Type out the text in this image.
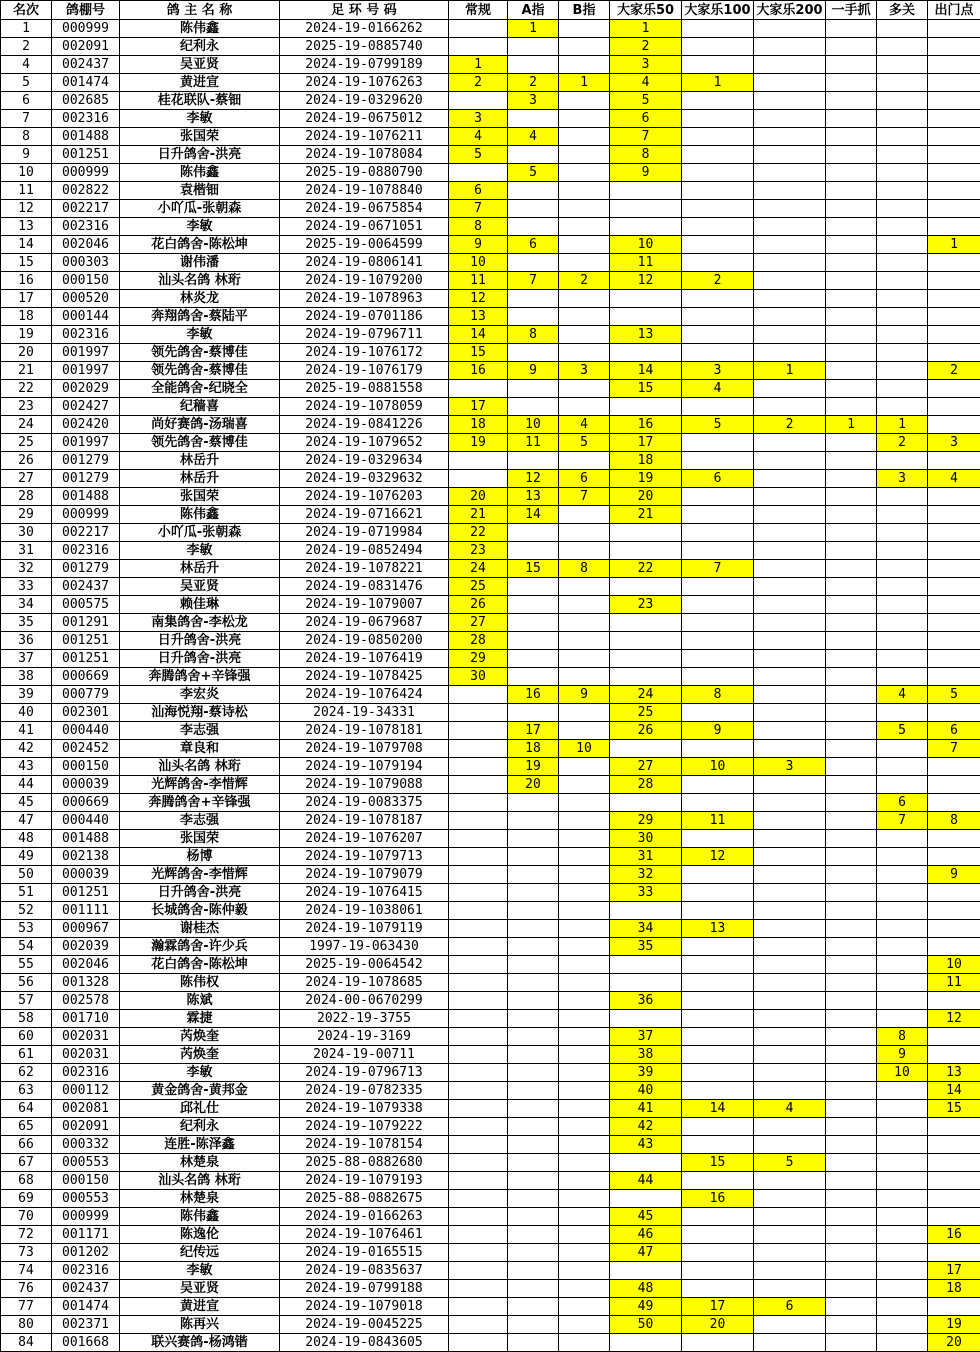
名次	鸽棚号	鸽 主 名 称	足 环 号 码	常规	A指	B指	大家乐50	大家乐100	大家乐200	一手抓	多关	出门点
1	000999	陈伟鑫	2024-19-0166262		1		1					
2	002091	纪利永	2025-19-0885740				2					
4	002437	吴亚贤	2024-19-0799189	1			3					
5	001474	黄进宣	2024-19-1076263	2	2	1	4	1				
6	002685	桂花联队-蔡钿	2024-19-0329620		3		5					
7	002316	李敏	2024-19-0675012	3			6					
8	001488	张国荣	2024-19-1076211	4	4		7					
9	001251	日升鸽舍-洪亮	2024-19-1078084	5			8					
10	000999	陈伟鑫	2025-19-0880790		5		9					
11	002822	袁楷钿	2024-19-1078840	6								
12	002217	小吖瓜-张朝森	2024-19-0675854	7								
13	002316	李敏	2024-19-0671051	8								
14	002046	花白鸽舍-陈松坤	2025-19-0064599	9	6		10					1
15	000303	谢伟潘	2024-19-0806141	10			11					
16	000150	汕头名鸽 林珩	2024-19-1079200	11	7	2	12	2				
17	000520	林炎龙	2024-19-1078963	12								
18	000144	奔翔鸽舍-蔡陆平	2024-19-0701186	13								
19	002316	李敏	2024-19-0796711	14	8		13					
20	001997	领先鸽舍-蔡博佳	2024-19-1076172	15								
21	001997	领先鸽舍-蔡博佳	2024-19-1076179	16	9	3	14	3	1			2
22	002029	全能鸽舍-纪晓全	2025-19-0881558				15	4				
23	002427	纪穑喜	2024-19-1078059	17								
24	002420	尚好赛鸽-汤瑞喜	2024-19-0841226	18	10	4	16	5	2	1	1	
25	001997	领先鸽舍-蔡博佳	2024-19-1079652	19	11	5	17				2	3
26	001279	林岳升	2024-19-0329634				18					
27	001279	林岳升	2024-19-0329632		12	6	19	6			3	4
28	001488	张国荣	2024-19-1076203	20	13	7	20					
29	000999	陈伟鑫	2024-19-0716621	21	14		21					
30	002217	小吖瓜-张朝森	2024-19-0719984	22								
31	002316	李敏	2024-19-0852494	23								
32	001279	林岳升	2024-19-1078221	24	15	8	22	7				
33	002437	吴亚贤	2024-19-0831476	25								
34	000575	赖佳琳	2024-19-1079007	26			23					
35	001291	南集鸽舍-李松龙	2024-19-0679687	27								
36	001251	日升鸽舍-洪亮	2024-19-0850200	28								
37	001251	日升鸽舍-洪亮	2024-19-1076419	29								
38	000669	奔腾鸽舍+辛锋强	2024-19-1078425	30								
39	000779	李宏炎	2024-19-1076424		16	9	24	8			4	5
40	002301	汕海悦翔-蔡诗松	2024-19-34331				25					
41	000440	李志强	2024-19-1078181		17		26	9			5	6
42	002452	章良和	2024-19-1079708		18	10						7
43	000150	汕头名鸽 林珩	2024-19-1079194		19		27	10	3			
44	000039	光辉鸽舍-李惜辉	2024-19-1079088		20		28					
45	000669	奔腾鸽舍+辛锋强	2024-19-0083375								6	
47	000440	李志强	2024-19-1078187				29	11			7	8
48	001488	张国荣	2024-19-1076207				30					
49	002138	杨博	2024-19-1079713				31	12				
50	000039	光辉鸽舍-李惜辉	2024-19-1079079				32					9
51	001251	日升鸽舍-洪亮	2024-19-1076415				33					
52	001111	长城鸽舍-陈仲毅	2024-19-1038061									
53	000967	谢桂杰	2024-19-1079119				34	13				
54	002039	瀚霖鸽舍-许少兵	1997-19-063430				35					
55	002046	花白鸽舍-陈松坤	2025-19-0064542									10
56	001328	陈伟权	2024-19-1078685									11
57	002578	陈斌	2024-00-0670299				36					
58	001710	霖捷	2022-19-3755									12
60	002031	芮焕奎	2024-19-3169				37				8	
61	002031	芮焕奎	2024-19-00711				38				9	
62	002316	李敏	2024-19-0796713				39				10	13
63	000112	黄金鸽舍-黄邦金	2024-19-0782335				40					14
64	002081	邱礼仕	2024-19-1079338				41	14	4			15
65	002091	纪利永	2024-19-1079222				42					
66	000332	连胜-陈泽鑫	2024-19-1078154				43					
67	000553	林楚泉	2025-88-0882680					15	5			
68	000150	汕头名鸽 林珩	2024-19-1079193				44					
69	000553	林楚泉	2025-88-0882675					16				
70	000999	陈伟鑫	2024-19-0166263				45					
72	001171	陈逸伦	2024-19-1076461				46					16
73	001202	纪传远	2024-19-0165515				47					
74	002316	李敏	2024-19-0835637									17
76	002437	吴亚贤	2024-19-0799188				48					18
77	001474	黄进宣	2024-19-1079018				49	17	6			
80	002371	陈再兴	2024-19-0045225				50	20				19
84	001668	联兴赛鸽-杨鸿锴	2024-19-0843605									20
